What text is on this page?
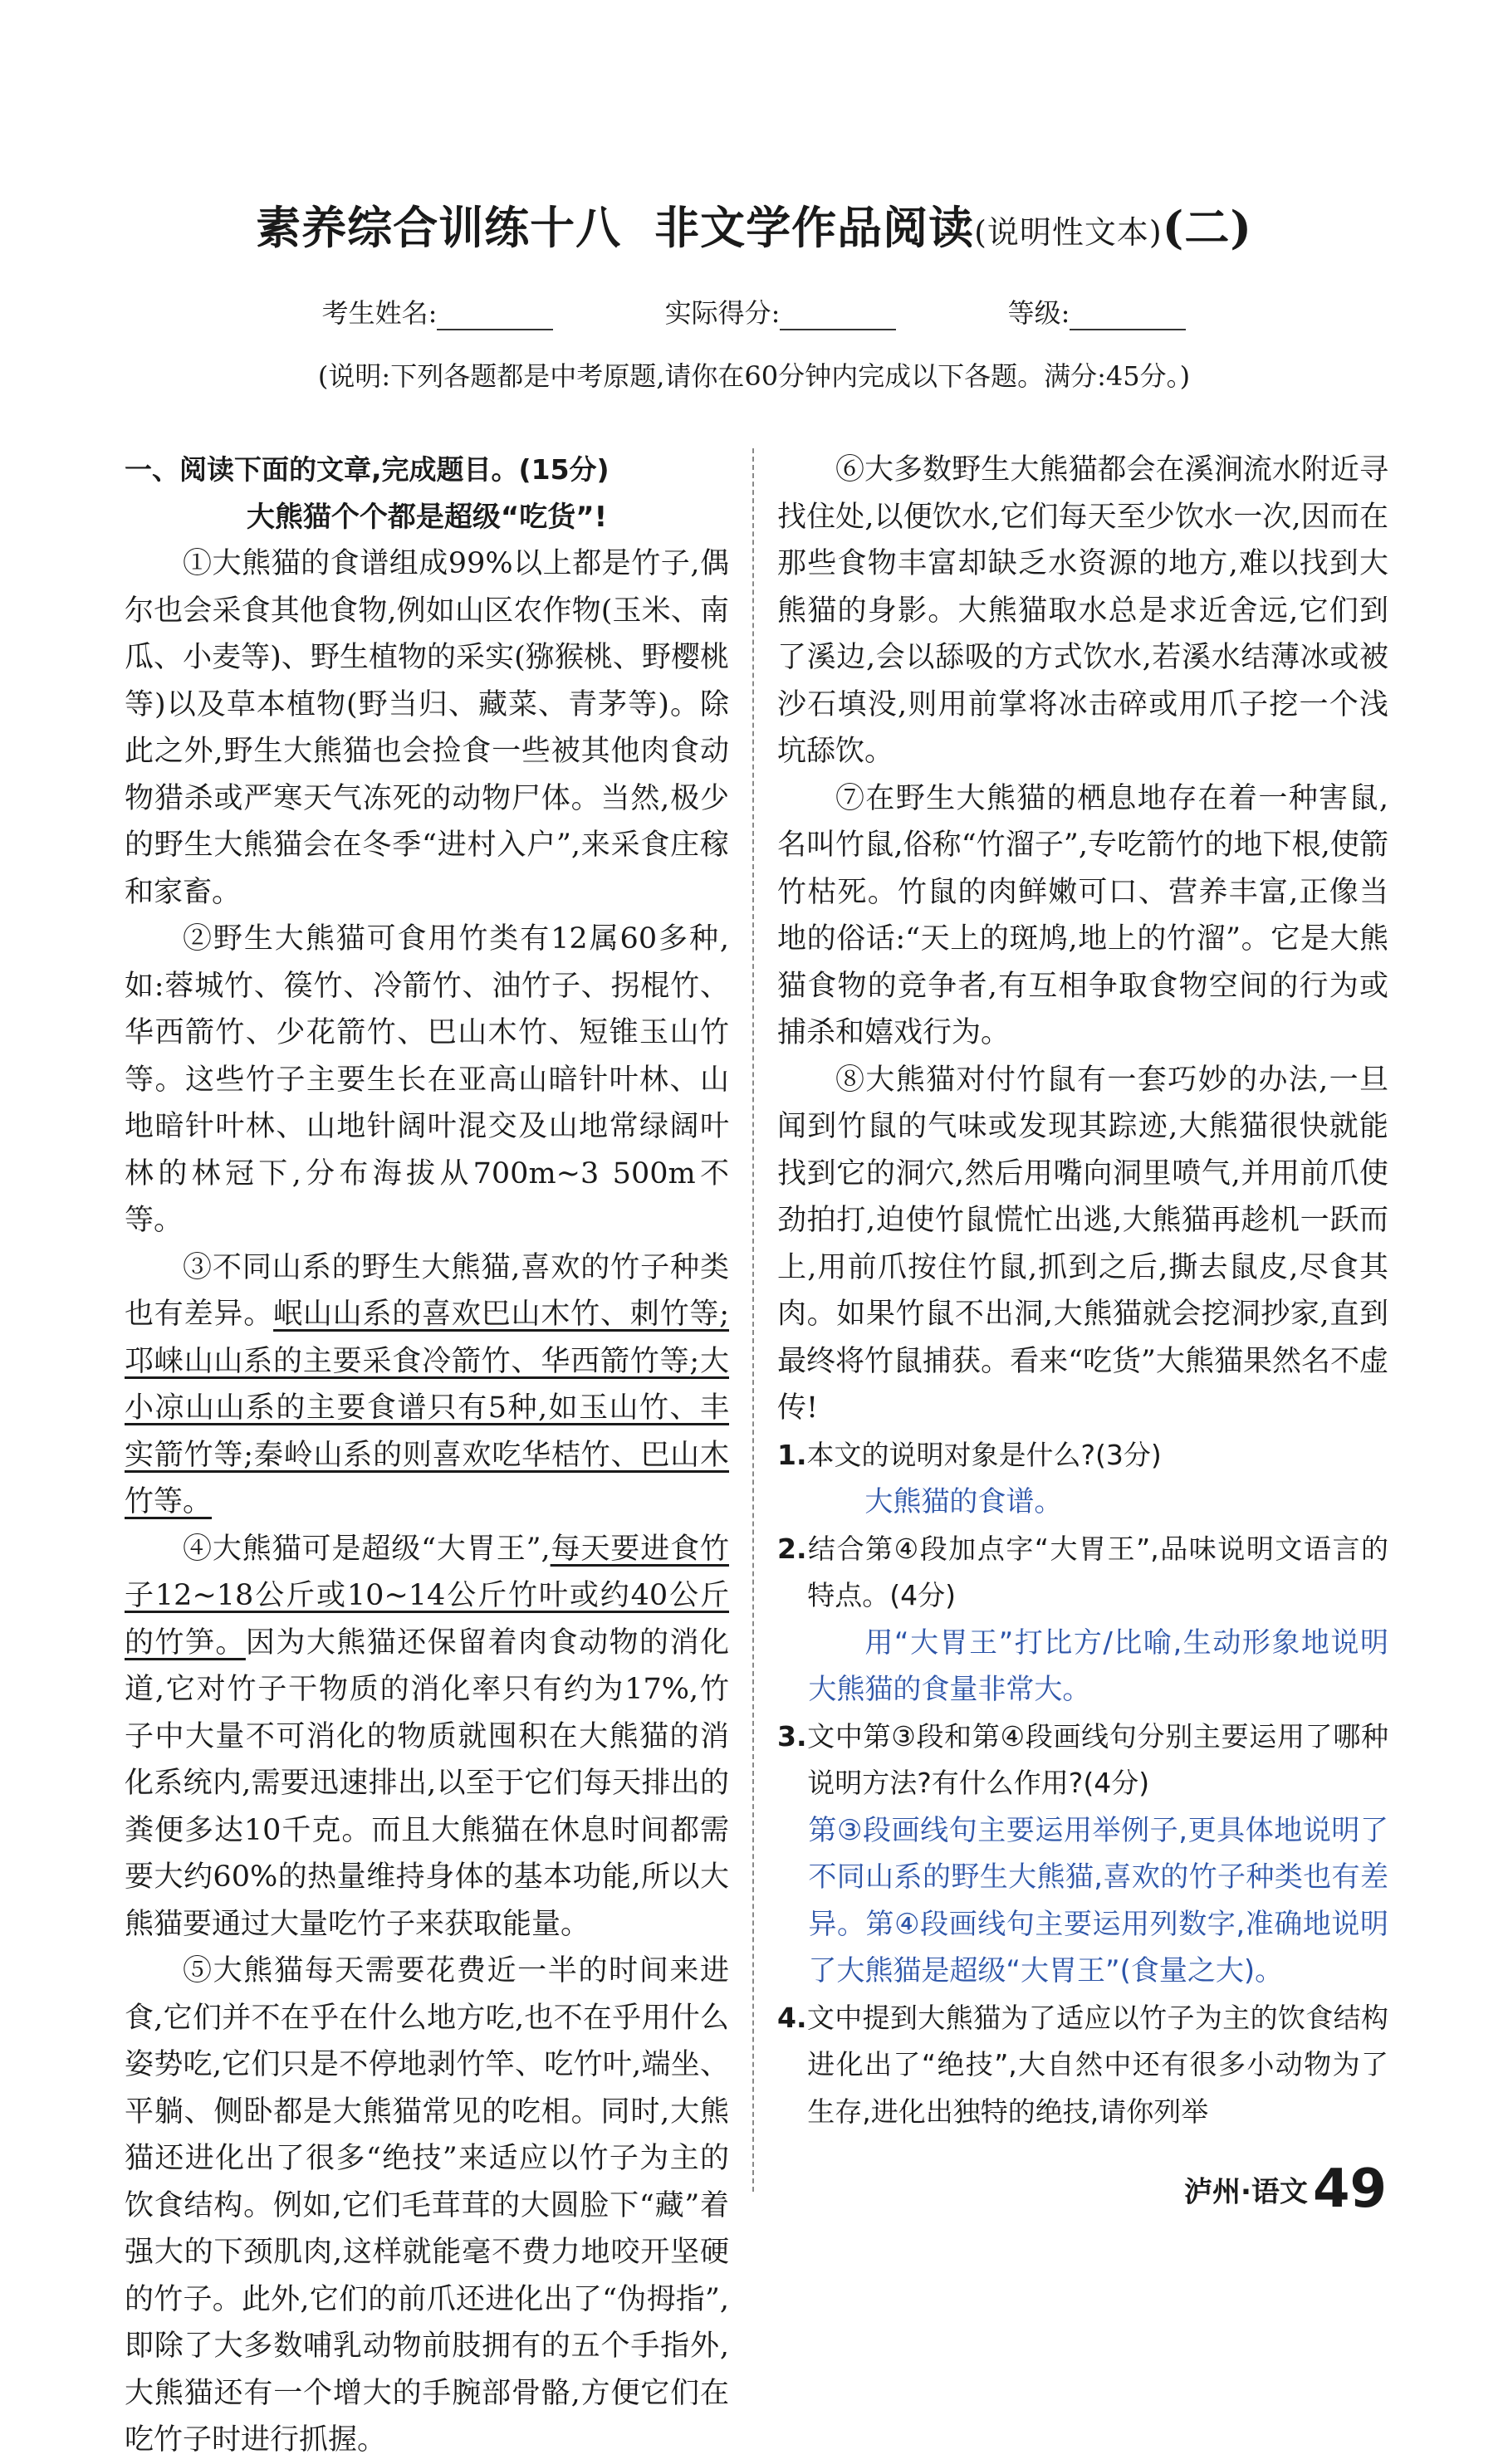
素养综合训练十八 非文学作品阅读(说明性文本)(二)
考生姓名:	实际得分:	等级:
(说明:下列各题都是中考原题,请你在60分钟内完成以下各题。满分:45分。)

一、阅读下面的文章,完成题目。(15分)

大熊猫个个都是超级“吃货”!

①大熊猫的食谱组成99%以上都是竹子,偶尔也会采食其他食物,例如山区农作物(玉米、南瓜、小麦等)、野生植物的采实(猕猴桃、野樱桃等)以及草本植物(野当归、藏菜、青茅等)。除此之外,野生大熊猫也会捡食一些被其他肉食动物猎杀或严寒天气冻死的动物尸体。当然,极少的野生大熊猫会在冬季“进村入户”,来采食庄稼和家畜。

②野生大熊猫可食用竹类有12属60多种,如:蓉城竹、篌竹、冷箭竹、油竹子、拐棍竹、华西箭竹、少花箭竹、巴山木竹、短锥玉山竹等。这些竹子主要生长在亚高山暗针叶林、山地暗针叶林、山地针阔叶混交及山地常绿阔叶林的林冠下,分布海拔从700m~3 500m不等。

③不同山系的野生大熊猫,喜欢的竹子种类也有差异。岷山山系的喜欢巴山木竹、刺竹等;邛崃山山系的主要采食冷箭竹、华西箭竹等;大小凉山山系的主要食谱只有5种,如玉山竹、丰实箭竹等;秦岭山系的则喜欢吃华桔竹、巴山木竹等。

④大熊猫可是超级“大胃王”,每天要进食竹子12~18公斤或10~14公斤竹叶或约40公斤的竹笋。因为大熊猫还保留着肉食动物的消化道,它对竹子干物质的消化率只有约为17%,竹子中大量不可消化的物质就囤积在大熊猫的消化系统内,需要迅速排出,以至于它们每天排出的粪便多达10千克。而且大熊猫在休息时间都需要大约60%的热量维持身体的基本功能,所以大熊猫要通过大量吃竹子来获取能量。

⑤大熊猫每天需要花费近一半的时间来进食,它们并不在乎在什么地方吃,也不在乎用什么姿势吃,它们只是不停地剥竹竿、吃竹叶,端坐、平躺、侧卧都是大熊猫常见的吃相。同时,大熊猫还进化出了很多“绝技”来适应以竹子为主的饮食结构。例如,它们毛茸茸的大圆脸下“藏”着强大的下颈肌肉,这样就能毫不费力地咬开坚硬的竹子。此外,它们的前爪还进化出了“伪拇指”,即除了大多数哺乳动物前肢拥有的五个手指外,大熊猫还有一个增大的手腕部骨骼,方便它们在吃竹子时进行抓握。

⑥大多数野生大熊猫都会在溪涧流水附近寻找住处,以便饮水,它们每天至少饮水一次,因而在那些食物丰富却缺乏水资源的地方,难以找到大熊猫的身影。大熊猫取水总是求近舍远,它们到了溪边,会以舔吸的方式饮水,若溪水结薄冰或被沙石填没,则用前掌将冰击碎或用爪子挖一个浅坑舔饮。

⑦在野生大熊猫的栖息地存在着一种害鼠,名叫竹鼠,俗称“竹溜子”,专吃箭竹的地下根,使箭竹枯死。竹鼠的肉鲜嫩可口、营养丰富,正像当地的俗话:“天上的斑鸠,地上的竹溜”。它是大熊猫食物的竞争者,有互相争取食物空间的行为或捕杀和嬉戏行为。

⑧大熊猫对付竹鼠有一套巧妙的办法,一旦闻到竹鼠的气味或发现其踪迹,大熊猫很快就能找到它的洞穴,然后用嘴向洞里喷气,并用前爪使劲拍打,迫使竹鼠慌忙出逃,大熊猫再趁机一跃而上,用前爪按住竹鼠,抓到之后,撕去鼠皮,尽食其肉。如果竹鼠不出洞,大熊猫就会挖洞抄家,直到最终将竹鼠捕获。看来“吃货”大熊猫果然名不虚传!

1.本文的说明对象是什么?(3分)

大熊猫的食谱。

2.结合第④段加点字“大胃王”,品味说明文语言的特点。(4分)

用“大胃王”打比方/比喻,生动形象地说明大熊猫的食量非常大。

3.文中第③段和第④段画线句分别主要运用了哪种说明方法?有什么作用?(4分)

第③段画线句主要运用举例子,更具体地说明了不同山系的野生大熊猫,喜欢的竹子种类也有差异。第④段画线句主要运用列数字,准确地说明了大熊猫是超级“大胃王”(食量之大)。

4.文中提到大熊猫为了适应以竹子为主的饮食结构进化出了“绝技”,大自然中还有很多小动物为了生存,进化出独特的绝技,请你列举

泸州·语文49
